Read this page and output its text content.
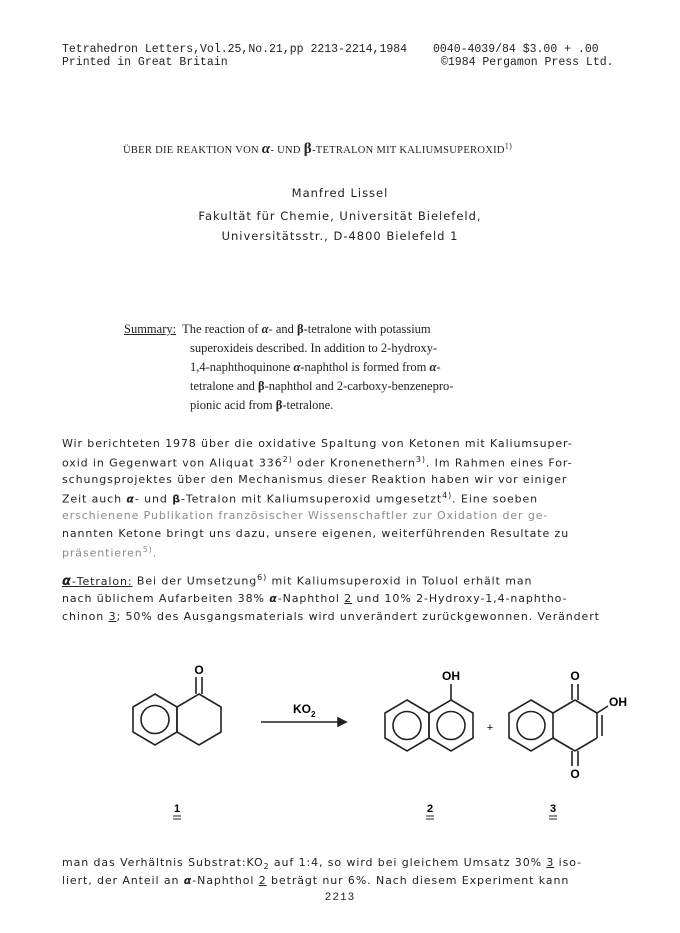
Tetrahedron Letters,Vol.25,No.21,pp 2213-2214,1984
Printed in Great Britain
0040-4039/84 $3.00 + .00
©1984 Pergamon Press Ltd.
ÜBER DIE REAKTION VON α- UND β-TETRALON MIT KALIUMSUPEROXID$^{1)}$
Manfred Lissel
Fakultät für Chemie, Universität Bielefeld,
Universitätsstr., D-4800 Bielefeld 1
Summary: The reaction of α- and β-tetralone with potassium
superoxideis described. In addition to 2-hydroxy-
1,4-naphthoquinone α-naphthol is formed from α-
tetralone and β-naphthol and 2-carboxy-benzenepro-
pionic acid from β-tetralone.
Wir berichteten 1978 über die oxidative Spaltung von Ketonen mit Kaliumsuper-
oxid in Gegenwart von Aliquat 336$^{2)}$ oder Kronenethern$^{3)}$. Im Rahmen eines For-
schungsprojektes über den Mechanismus dieser Reaktion haben wir vor einiger
Zeit auch α- und β-Tetralon mit Kaliumsuperoxid umgesetzt$^{4)}$. Eine soeben
erschienene Publikation französischer Wissenschaftler zur Oxidation der ge-
nannten Ketone bringt uns dazu, unsere eigenen, weiterführenden Resultate zu
präsentieren$^{5)}$.
α-Tetralon: Bei der Umsetzung$^{6)}$ mit Kaliumsuperoxid in Toluol erhält man
nach üblichem Aufarbeiten 38% α-Naphthol 2 und 10% 2-Hydroxy-1,4-naphtho-
chinon 3; 50% des Ausgangsmaterials wird unverändert zurückgewonnen. Verändert
O
$KO_2$
OH
+
O
OH
O
1	2	3
man das Verhältnis $Substrat:KO_2$ auf 1:4, so wird bei gleichem Umsatz 30% 3 iso-
liert, der Anteil an α-Naphthol 2 beträgt nur 6%. Nach diesem Experiment kann
2213
